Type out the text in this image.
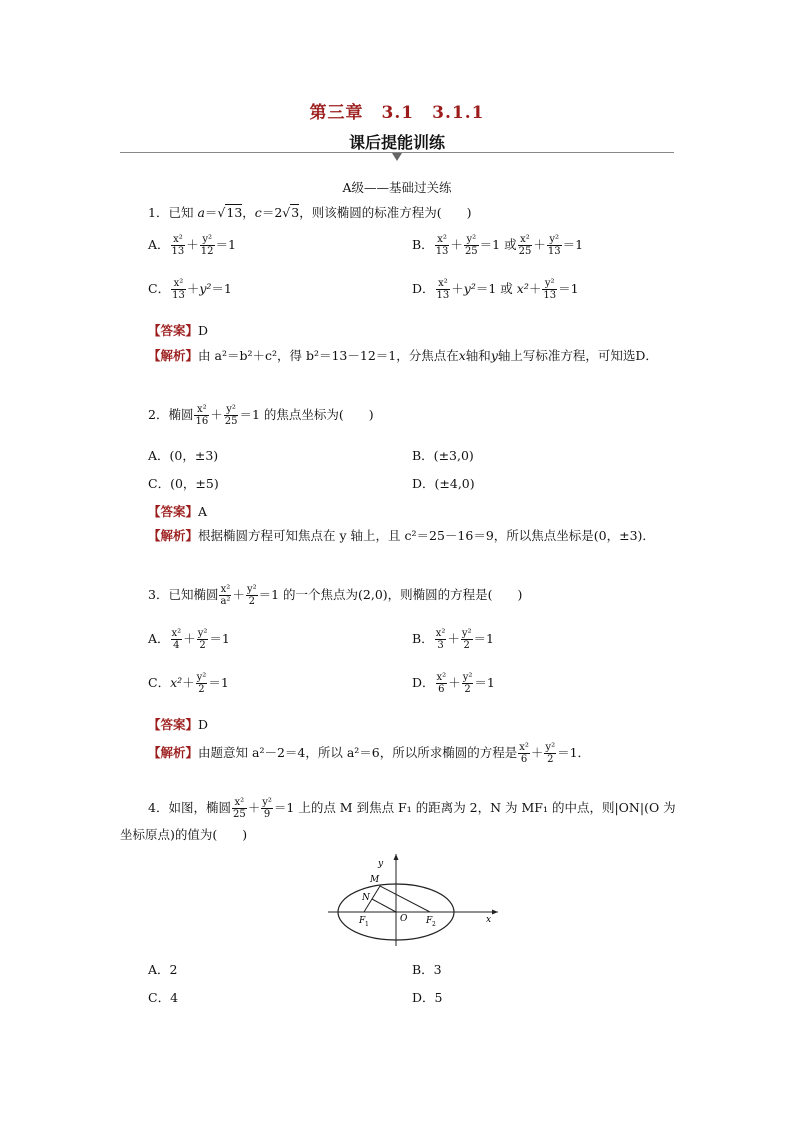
第三章　3.1　3.1.1
课后提能训练
A级——基础过关练
1．已知 a＝√13，c＝2√3，则该椭圆的标准方程为(　　)
A． $\frac{\text{x²}}{13} + \frac{\text{y²}}{12} =1$	B． $\frac{\text{x²}}{13} + \frac{\text{y²}}{25} =1$ 或 $\frac{\text{x²}}{25} + \frac{\text{y²}}{13} =1$
C． $\frac{\text{x²}}{13} +y^2=1$	D． $\frac{\text{x²}}{13} +y^2=1$ 或 $x^2+ \frac{\text{y²}}{13} =1$
【答案】D
【解析】由 a²＝b²＋c²，得 b²＝13－12＝1，分焦点在x轴和y轴上写标准方程，可知选D．
2．椭圆 $\frac{\text{x²}}{16} + \frac{\text{y²}}{25} =1$ 的焦点坐标为(　　)
A．(0，±3)	B．(±3,0)
C．(0，±5)	D．(±4,0)
【答案】A
【解析】根据椭圆方程可知焦点在 y 轴上，且 c²＝25－16＝9，所以焦点坐标是(0，±3)．
3．已知椭圆 $\frac{\text{x²}}{\text{a²}} + \frac{\text{y²}}{2} =1$ 的一个焦点为(2,0)，则椭圆的方程是(　　)
A． $\frac{\text{x²}}{4} + \frac{\text{y²}}{2} =1$	B． $\frac{\text{x²}}{3} + \frac{\text{y²}}{2} =1$
C．$x^2+ \frac{\text{y²}}{2} =1$	D． $\frac{\text{x²}}{6} + \frac{\text{y²}}{2} =1$
【答案】D
【解析】由题意知 a²－2＝4，所以 a²＝6，所以所求椭圆的方程是 $\frac{\text{x²}}{6} + \frac{\text{y²}}{2} =1$．
4．如图，椭圆 $\frac{\text{x²}}{25} + \frac{\text{y²}}{9} =1$ 上的点 M 到焦点 F₁ 的距离为 2，N 为 MF₁ 的中点，则|ON|(O 为坐标原点)的值为(　　)
y
x
M
N
O
F 1	F 2
A．2	B．3
C．4	D．5
